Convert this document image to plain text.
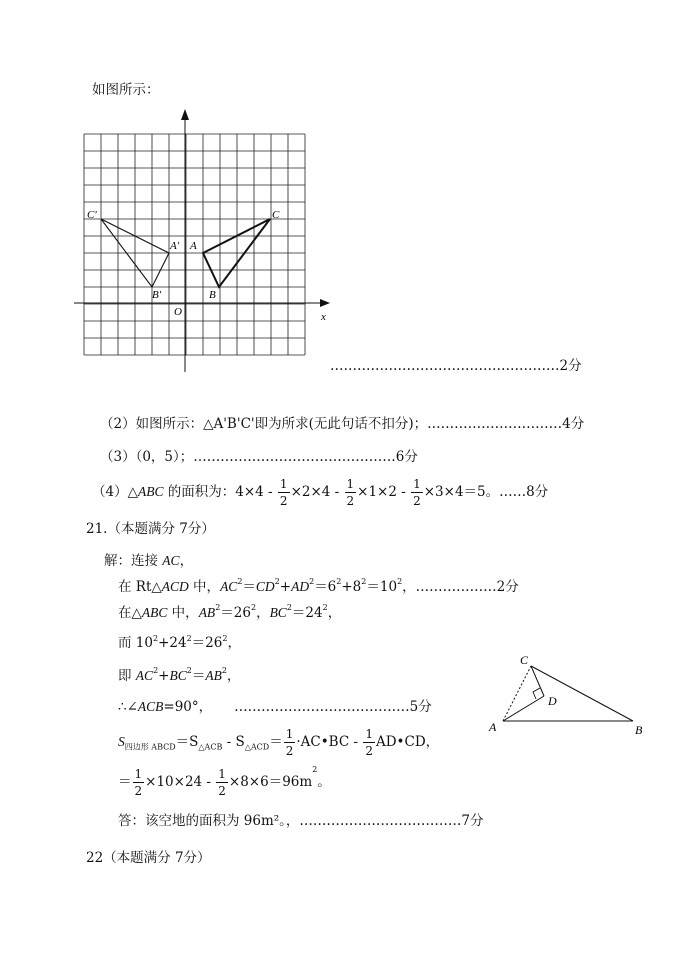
如图所示：
C′
A′
B′
A
C
B
O	x
……………………………………………2分
（2）如图所示：△A'B'C'即为所求(无此句话不扣分)；…………………………4分
（3）（0，5）；………………………………………6分
（4）△ABC 的面积为：$4\times 4 - \frac{1}{2} \times 2\times 4 - \frac{1}{2} \times 1\times 2 - \frac{1}{2} \times 3\times 4=5$。……8分
21.（本题满分 7分）
解：连接 AC，
在 Rt△ACD 中，$AC^2=CD^2+AD^2=6^2+8^2=10^2$，………………2分
在△ABC 中，$AB^2=26^2$，$BC^2=24^2$，
而 $10^2+24^2=26^2$，
即 $AC^2+BC^2=AB^2$，
∴∠ACB=90°， …………………………………5分
$S_{四边形 ABCD}=S_{\triangle ACB} - S_{\triangle ACD}= \frac{1}{2}$ ·AC•BC - $\frac{1}{2}$ AD•CD，
＝ $\frac{1}{2} \times 10\times 24 - \frac{1}{2} \times 8\times 6=96m^2$。
答：该空地的面积为 96m²。，………………………………7分
22（本题满分 7分）
C
D
A	B
